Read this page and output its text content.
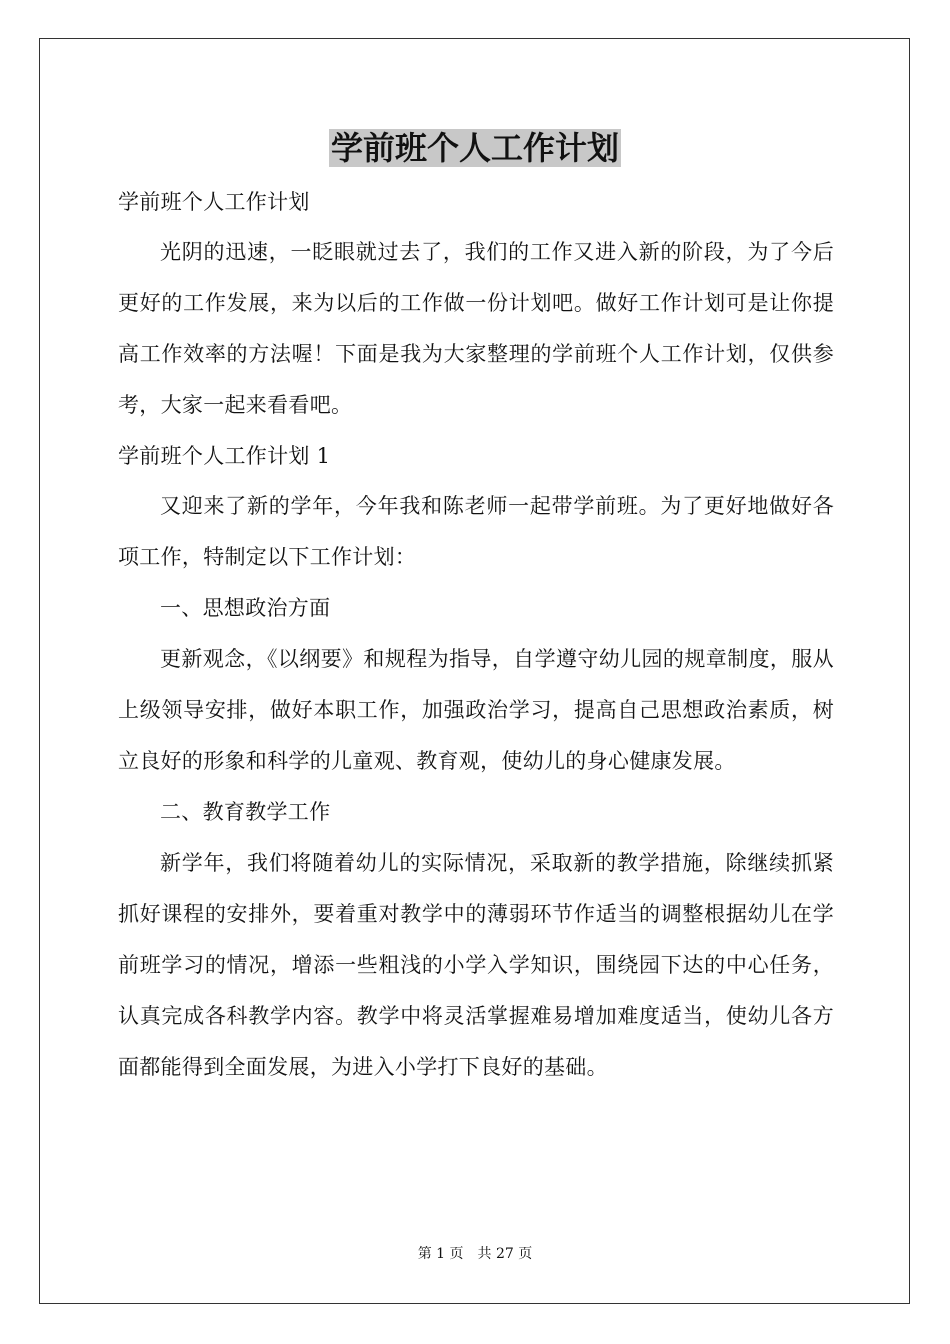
学前班个人工作计划

学前班个人工作计划

光阴的迅速，一眨眼就过去了，我们的工作又进入新的阶段，为了今后更好的工作发展，来为以后的工作做一份计划吧。做好工作计划可是让你提高工作效率的方法喔！下面是我为大家整理的学前班个人工作计划，仅供参考，大家一起来看看吧。

学前班个人工作计划 1

又迎来了新的学年，今年我和陈老师一起带学前班。为了更好地做好各项工作，特制定以下工作计划：

一、思想政治方面

更新观念，《以纲要》和规程为指导，自学遵守幼儿园的规章制度，服从上级领导安排，做好本职工作，加强政治学习，提高自己思想政治素质，树立良好的形象和科学的儿童观、教育观，使幼儿的身心健康发展。

二、教育教学工作

新学年，我们将随着幼儿的实际情况，采取新的教学措施，除继续抓紧抓好课程的安排外，要着重对教学中的薄弱环节作适当的调整根据幼儿在学前班学习的情况，增添一些粗浅的小学入学知识，围绕园下达的中心任务，认真完成各科教学内容。教学中将灵活掌握难易增加难度适当，使幼儿各方面都能得到全面发展，为进入小学打下良好的基础。

第 1 页 共 27 页
